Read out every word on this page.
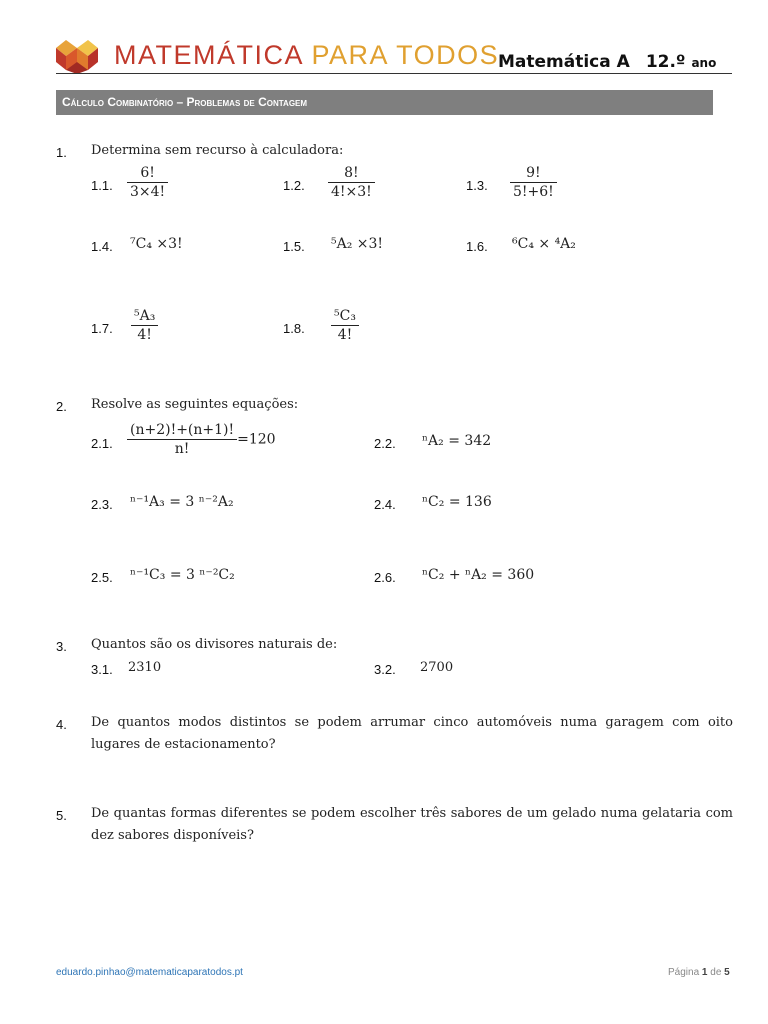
MATEMÁTICA PARA TODOS
Matemática A 12.º ano
Cálculo Combinatório – Problemas de Contagem
1. Determina sem recurso à calculadora:
1.1. $\frac{6!}{3\times 4!}$	1.2. $\frac{8!}{4!\times 3!}$	1.3. $\frac{9!}{5!+6!}$
1.4. ⁷C₄ ×3!	1.5. ⁵A₂ ×3!	1.6. ⁶C₄ × ⁴A₂
1.7. $\frac{\text{⁵A₃}}{4!}$	1.8. $\frac{\text{⁵C₃}}{4!}$
2. Resolve as seguintes equações:
2.1. $\frac{(n+2)!+(n+1)!}{n!} =120$	2.2. ⁿA₂ = 342
2.3. ⁿ⁻¹A₃ = 3 ⁿ⁻²A₂	2.4. ⁿC₂ = 136
2.5. ⁿ⁻¹C₃ = 3 ⁿ⁻²C₂	2.6. ⁿC₂ + ⁿA₂ = 360
3. Quantos são os divisores naturais de:
3.1. 2310	3.2. 2700
4. De quantos modos distintos se podem arrumar cinco automóveis numa garagem com oito lugares de estacionamento?
5. De quantas formas diferentes se podem escolher três sabores de um gelado numa gelataria com dez sabores disponíveis?
eduardo.pinhao@matematicaparatodos.pt	Página 1 de 5
